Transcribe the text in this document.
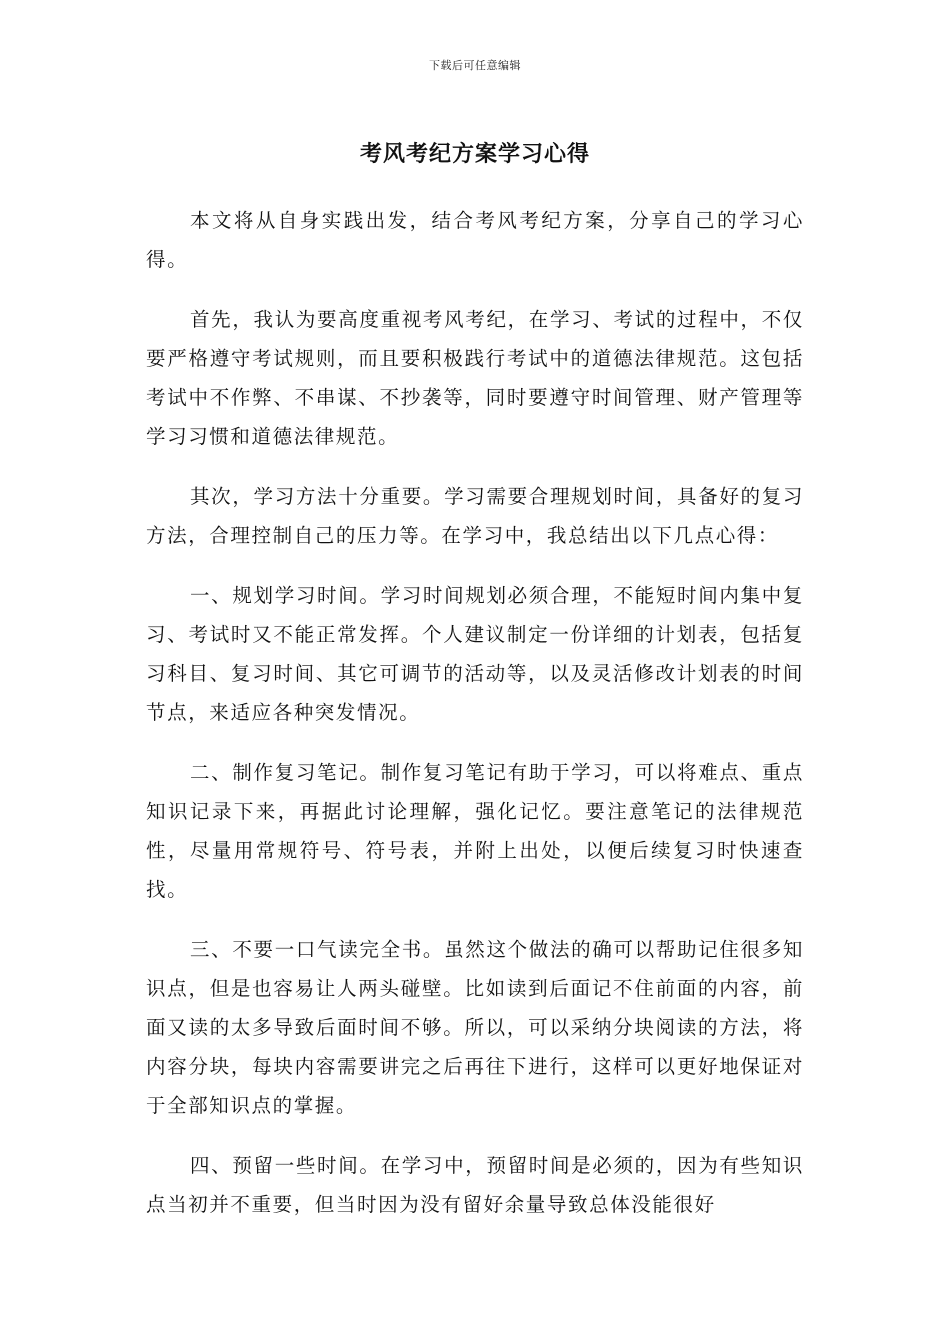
下载后可任意编辑
考风考纪方案学习心得

本文将从自身实践出发，结合考风考纪方案，分享自己的学习心得。

首先，我认为要高度重视考风考纪，在学习、考试的过程中，不仅要严格遵守考试规则，而且要积极践行考试中的道德法律规范。这包括考试中不作弊、不串谋、不抄袭等，同时要遵守时间管理、财产管理等学习习惯和道德法律规范。

其次，学习方法十分重要。学习需要合理规划时间，具备好的复习方法，合理控制自己的压力等。在学习中，我总结出以下几点心得：

一、规划学习时间。学习时间规划必须合理，不能短时间内集中复习、考试时又不能正常发挥。个人建议制定一份详细的计划表，包括复习科目、复习时间、其它可调节的活动等，以及灵活修改计划表的时间节点，来适应各种突发情况。

二、制作复习笔记。制作复习笔记有助于学习，可以将难点、重点知识记录下来，再据此讨论理解，强化记忆。要注意笔记的法律规范性，尽量用常规符号、符号表，并附上出处，以便后续复习时快速查找。

三、不要一口气读完全书。虽然这个做法的确可以帮助记住很多知识点，但是也容易让人两头碰壁。比如读到后面记不住前面的内容，前面又读的太多导致后面时间不够。所以，可以采纳分块阅读的方法，将内容分块，每块内容需要讲完之后再往下进行，这样可以更好地保证对于全部知识点的掌握。

四、预留一些时间。在学习中，预留时间是必须的，因为有些知识点当初并不重要，但当时因为没有留好余量导致总体没能很好
